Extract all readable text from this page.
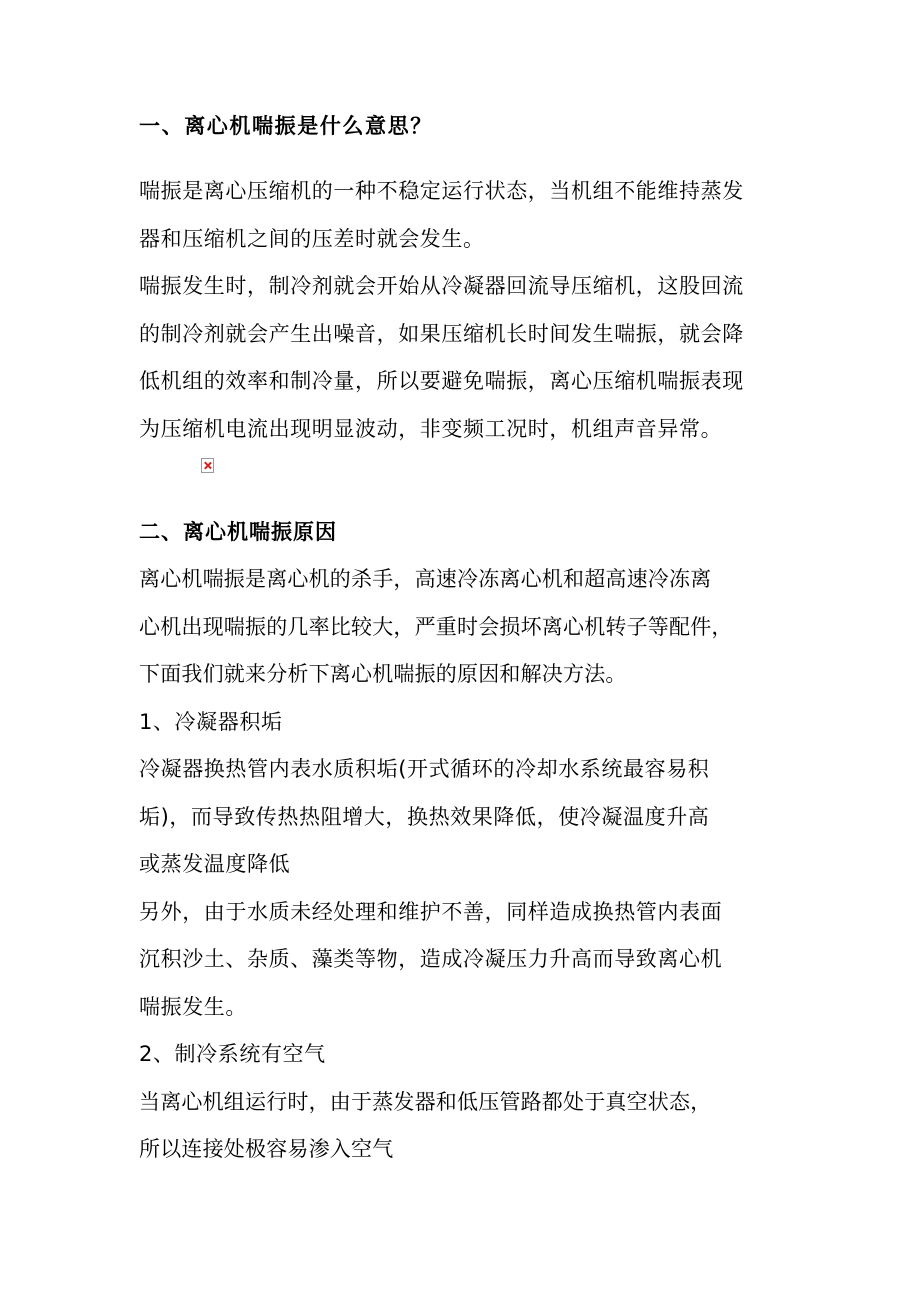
一、离心机喘振是什么意思？

喘振是离心压缩机的一种不稳定运行状态，当机组不能维持蒸发
器和压缩机之间的压差时就会发生。

喘振发生时，制冷剂就会开始从冷凝器回流导压缩机，这股回流
的制冷剂就会产生出噪音，如果压缩机长时间发生喘振，就会降
低机组的效率和制冷量，所以要避免喘振，离心压缩机喘振表现
为压缩机电流出现明显波动，非变频工况时，机组声音异常。

二、离心机喘振原因

离心机喘振是离心机的杀手，高速冷冻离心机和超高速冷冻离
心机出现喘振的几率比较大，严重时会损坏离心机转子等配件，
下面我们就来分析下离心机喘振的原因和解决方法。

1、冷凝器积垢

冷凝器换热管内表水质积垢(开式循环的冷却水系统最容易积
垢)，而导致传热热阻增大，换热效果降低，使冷凝温度升高
或蒸发温度降低

另外，由于水质未经处理和维护不善，同样造成换热管内表面
沉积沙土、杂质、藻类等物，造成冷凝压力升高而导致离心机
喘振发生。

2、制冷系统有空气

当离心机组运行时，由于蒸发器和低压管路都处于真空状态，
所以连接处极容易渗入空气
